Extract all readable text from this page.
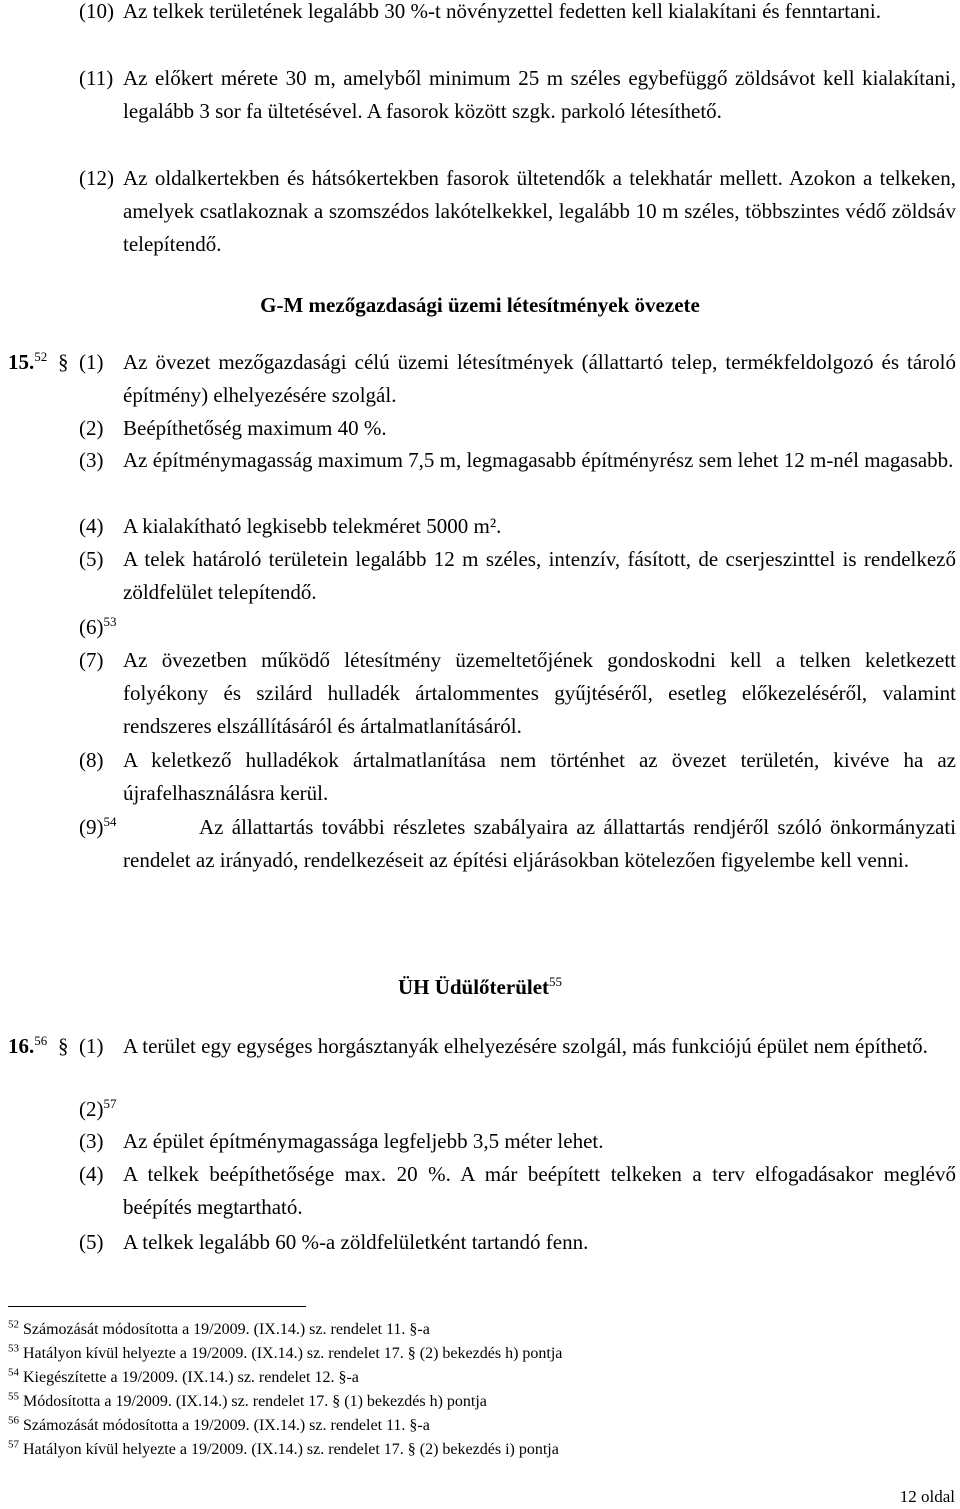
(10) Az telkek területének legalább 30 %-t növényzettel fedetten kell kialakítani és fenntartani.
(11) Az előkert mérete 30 m, amelyből minimum 25 m széles egybefüggő zöldsávot kell kialakítani, legalább 3 sor fa ültetésével. A fasorok között szgk. parkoló létesíthető.
(12) Az oldalkertekben és hátsókertekben fasorok ültetendők a telekhatár mellett. Azokon a telkeken, amelyek csatlakoznak a szomszédos lakótelkekkel, legalább 10 m széles, többszintes védő zöldsáv telepítendő.
G-M mezőgazdasági üzemi létesítmények övezete
15.52 § (1) Az övezet mezőgazdasági célú üzemi létesítmények (állattartó telep, termékfeldolgozó és tároló építmény) elhelyezésére szolgál.
(2) Beépíthetőség maximum 40 %.
(3) Az építménymagasság maximum 7,5 m, legmagasabb építményrész sem lehet 12 m-nél magasabb.
(4) A kialakítható legkisebb telekméret 5000 m².
(5) A telek határoló területein legalább 12 m széles, intenzív, fásított, de cserjeszinttel is rendelkező zöldfelület telepítendő.
$(6)^{53}$
(7) Az övezetben működő létesítmény üzemeltetőjének gondoskodni kell a telken keletkezett folyékony és szilárd hulladék ártalommentes gyűjtéséről, esetleg előkezeléséről, valamint rendszeres elszállításáról és ártalmatlanításáról.
(8) A keletkező hulladékok ártalmatlanítása nem történhet az övezet területén, kivéve ha az újrafelhasználásra kerül.
$(9)^{54}$	Az állattartás további részletes szabályaira az állattartás rendjéről szóló önkormányzati rendelet az irányadó, rendelkezéseit az építési eljárásokban kötelezően figyelembe kell venni.
ÜH Üdülőterület$^{55}$
16.56 § (1) A terület egy egységes horgásztanyák elhelyezésére szolgál, más funkciójú épület nem építhető.
$(2)^{57}$
(3) Az épület építménymagassága legfeljebb 3,5 méter lehet.
(4) A telkek beépíthetősége max. 20 %. A már beépített telkeken a terv elfogadásakor meglévő beépítés megtartható.
(5) A telkek legalább 60 %-a zöldfelületként tartandó fenn.
$^{52}$ Számozását módosította a 19/2009. (IX.14.) sz. rendelet 11. §-a
$^{53}$ Hatályon kívül helyezte a 19/2009. (IX.14.) sz. rendelet 17. § (2) bekezdés h) pontja
$^{54}$ Kiegészítette a 19/2009. (IX.14.) sz. rendelet 12. §-a
$^{55}$ Módosította a 19/2009. (IX.14.) sz. rendelet 17. § (1) bekezdés h) pontja
$^{56}$ Számozását módosította a 19/2009. (IX.14.) sz. rendelet 11. §-a
$^{57}$ Hatályon kívül helyezte a 19/2009. (IX.14.) sz. rendelet 17. § (2) bekezdés i) pontja
12 oldal
